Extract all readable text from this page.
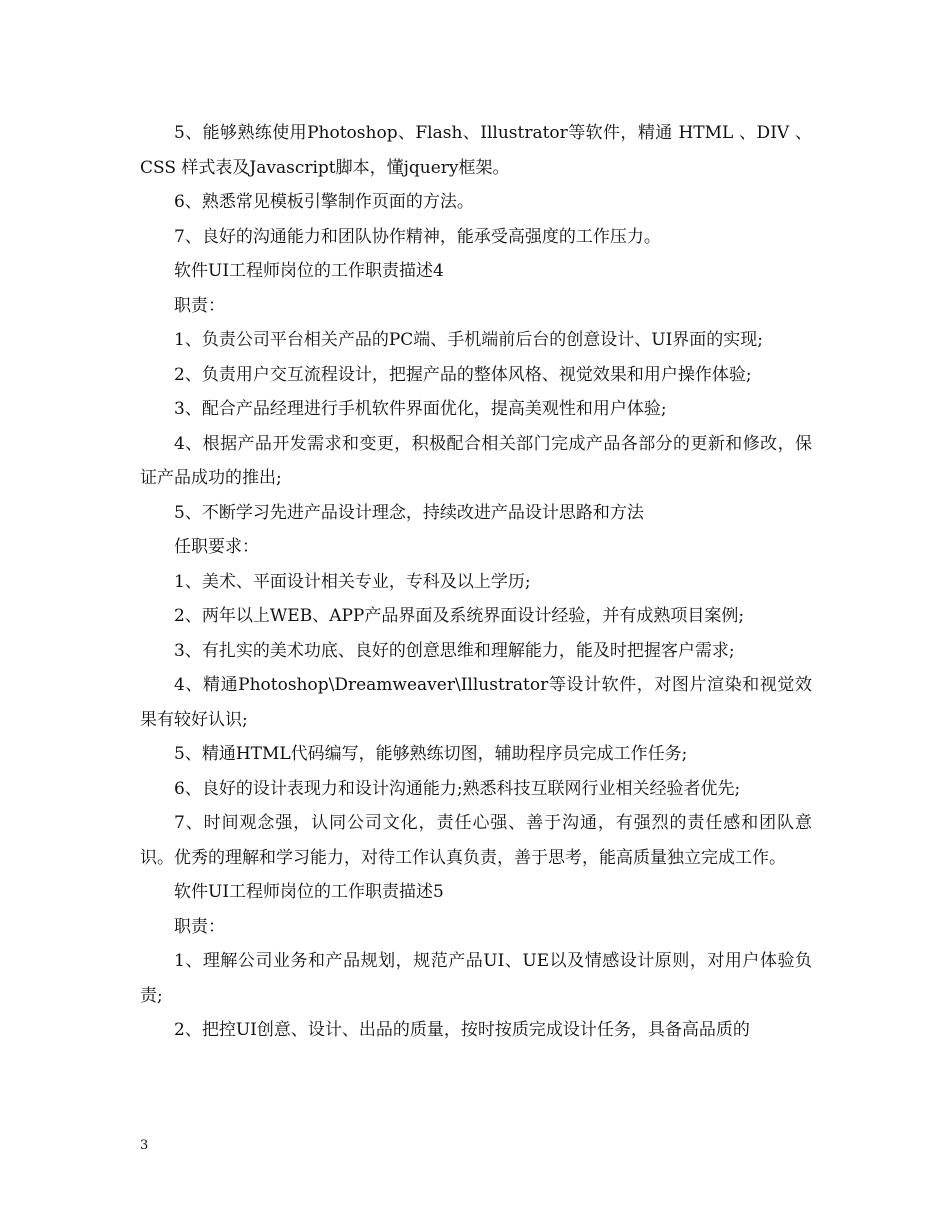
5、能够熟练使用Photoshop、Flash、Illustrator等软件，精通 HTML 、DIV 、CSS 样式表及Javascript脚本，懂jquery框架。

6、熟悉常见模板引擎制作页面的方法。

7、良好的沟通能力和团队协作精神，能承受高强度的工作压力。

软件UI工程师岗位的工作职责描述4

职责：

1、负责公司平台相关产品的PC端、手机端前后台的创意设计、UI界面的实现;

2、负责用户交互流程设计，把握产品的整体风格、视觉效果和用户操作体验;

3、配合产品经理进行手机软件界面优化，提高美观性和用户体验;

4、根据产品开发需求和变更，积极配合相关部门完成产品各部分的更新和修改，保证产品成功的推出;

5、不断学习先进产品设计理念，持续改进产品设计思路和方法

任职要求：

1、美术、平面设计相关专业，专科及以上学历;

2、两年以上WEB、APP产品界面及系统界面设计经验，并有成熟项目案例;

3、有扎实的美术功底、良好的创意思维和理解能力，能及时把握客户需求;

4、精通Photoshop\Dreamweaver\Illustrator等设计软件，对图片渲染和视觉效果有较好认识;

5、精通HTML代码编写，能够熟练切图，辅助程序员完成工作任务;

6、良好的设计表现力和设计沟通能力;熟悉科技互联网行业相关经验者优先;

7、时间观念强，认同公司文化，责任心强、善于沟通，有强烈的责任感和团队意识。优秀的理解和学习能力，对待工作认真负责，善于思考，能高质量独立完成工作。

软件UI工程师岗位的工作职责描述5

职责：

1、理解公司业务和产品规划，规范产品UI、UE以及情感设计原则，对用户体验负责;

2、把控UI创意、设计、出品的质量，按时按质完成设计任务，具备高品质的

3
